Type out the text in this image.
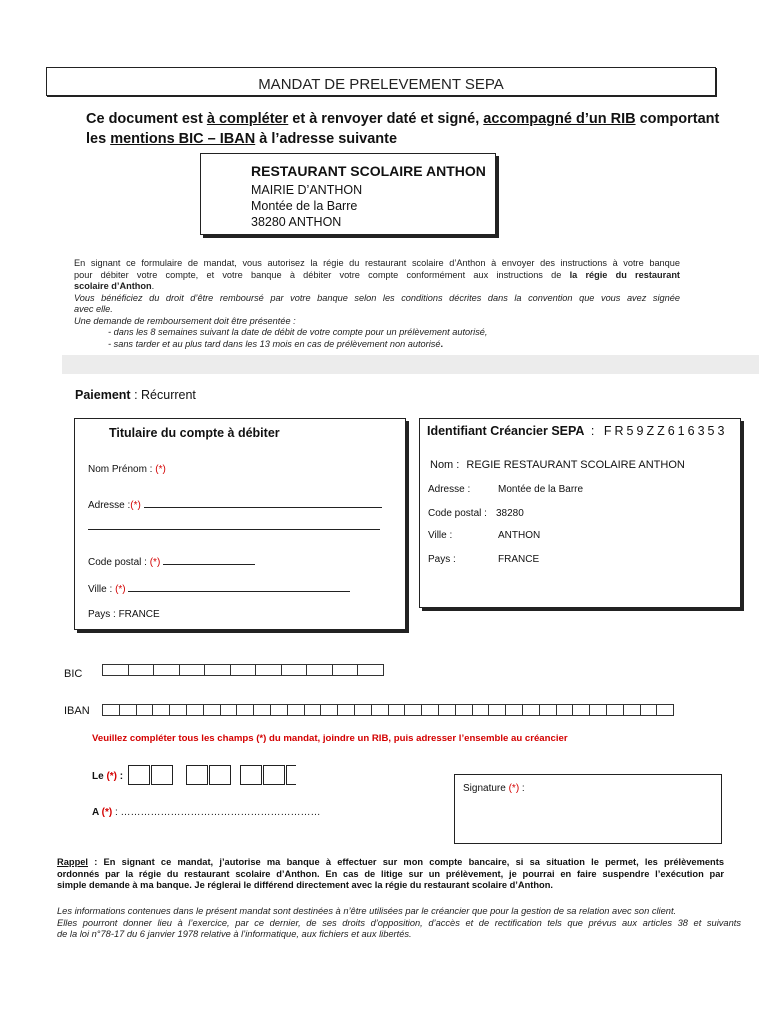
MANDAT DE PRELEVEMENT SEPA
Ce document est à compléter et à renvoyer daté et signé, accompagné d’un RIB comportant
les mentions BIC – IBAN à l’adresse suivante
RESTAURANT SCOLAIRE ANTHON
MAIRIE D’ANTHON
Montée de la Barre
38280 ANTHON
En signant ce formulaire de mandat, vous autorisez la régie du restaurant scolaire d’Anthon à envoyer des instructions à votre banque
pour débiter votre compte, et votre banque à débiter votre compte conformément aux instructions de la régie du restaurant
scolaire d’Anthon.
Vous bénéficiez du droit d’être remboursé par votre banque selon les conditions décrites dans la convention que vous avez signée
avec elle.
Une demande de remboursement doit être présentée :
- dans les 8 semaines suivant la date de débit de votre compte pour un prélèvement autorisé,
- sans tarder et au plus tard dans les 13 mois en cas de prélèvement non autorisé.
Paiement : Récurrent
Titulaire du compte à débiter
Nom Prénom : (*)
Adresse :(*)
Code postal : (*)
Ville : (*)
Pays : FRANCE
Identifiant Créancier SEPA : FR59ZZ616353
Nom : REGIE RESTAURANT SCOLAIRE ANTHON
Adresse :	Montée de la Barre
Code postal : 38280
Ville :	ANTHON
Pays :	FRANCE
BIC
IBAN
Veuillez compléter tous les champs (*) du mandat, joindre un RIB, puis adresser l’ensemble au créancier
Le (*) :
A (*) : ……………………………………………………
Signature (*) :
Rappel : En signant ce mandat, j’autorise ma banque à effectuer sur mon compte bancaire, si sa situation le permet, les prélèvements
ordonnés par la régie du restaurant scolaire d’Anthon. En cas de litige sur un prélèvement, je pourrai en faire suspendre l’exécution par
simple demande à ma banque. Je réglerai le différend directement avec la régie du restaurant scolaire d’Anthon.
Les informations contenues dans le présent mandat sont destinées à n’être utilisées par le créancier que pour la gestion de sa relation avec son client.
Elles pourront donner lieu à l’exercice, par ce dernier, de ses droits d’opposition, d’accès et de rectification tels que prévus aux articles 38 et suivants
de la loi n°78-17 du 6 janvier 1978 relative à l’informatique, aux fichiers et aux libertés.
